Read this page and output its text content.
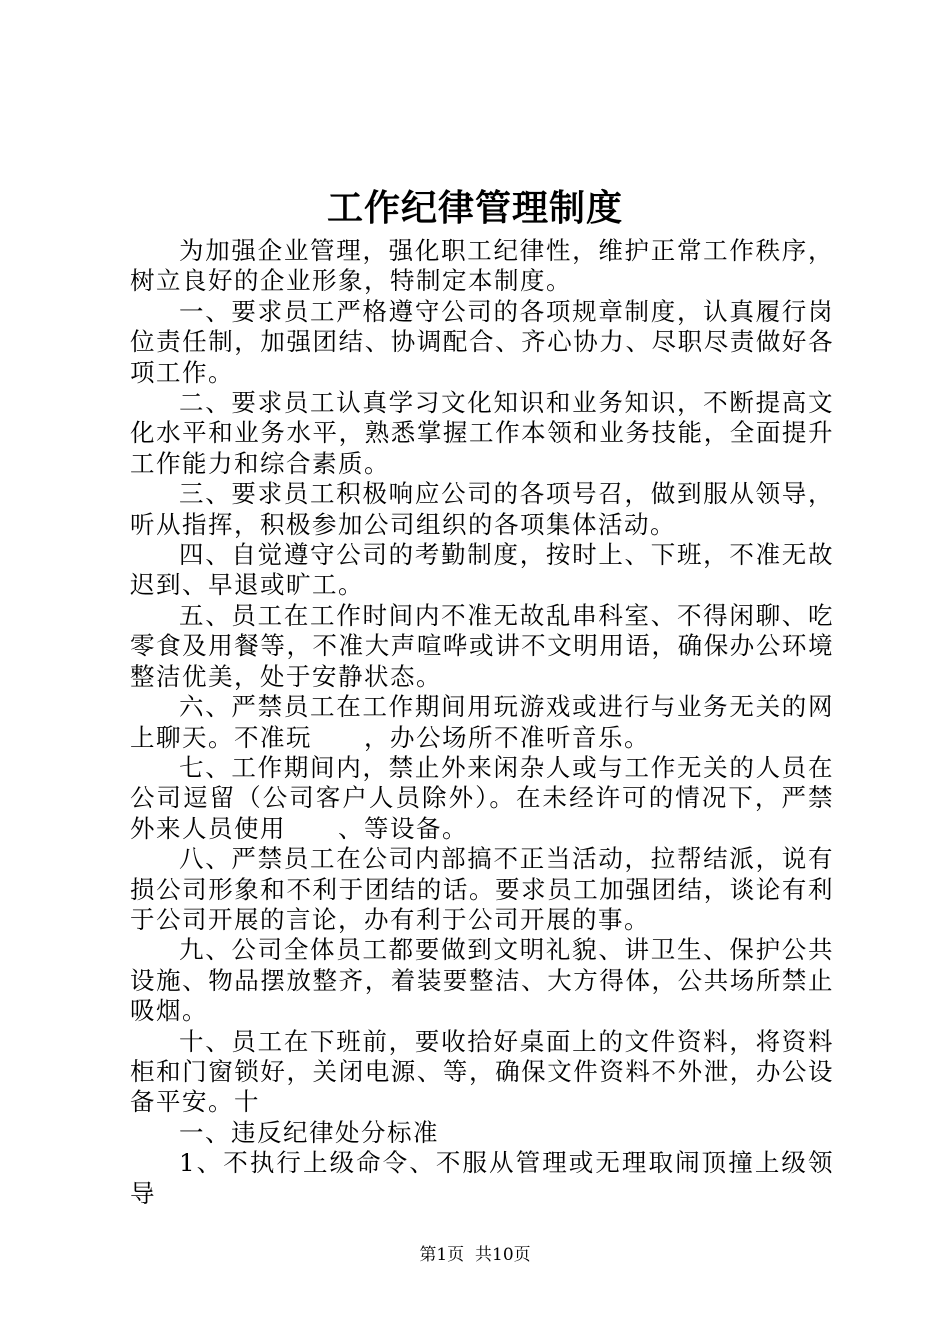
工作纪律管理制度

为加强企业管理，强化职工纪律性，维护正常工作秩序，树立良好的企业形象，特制定本制度。

一、要求员工严格遵守公司的各项规章制度，认真履行岗位责任制，加强团结、协调配合、齐心协力、尽职尽责做好各项工作。

二、要求员工认真学习文化知识和业务知识，不断提高文化水平和业务水平，熟悉掌握工作本领和业务技能，全面提升工作能力和综合素质。

三、要求员工积极响应公司的各项号召，做到服从领导，听从指挥，积极参加公司组织的各项集体活动。

四、自觉遵守公司的考勤制度，按时上、下班，不准无故迟到、早退或旷工。

五、员工在工作时间内不准无故乱串科室、不得闲聊、吃零食及用餐等，不准大声喧哗或讲不文明用语，确保办公环境整洁优美，处于安静状态。

六、严禁员工在工作期间用玩游戏或进行与业务无关的网上聊天。不准玩　　，办公场所不准听音乐。

七、工作期间内，禁止外来闲杂人或与工作无关的人员在公司逗留（公司客户人员除外）。在未经许可的情况下，严禁外来人员使用　　、等设备。

八、严禁员工在公司内部搞不正当活动，拉帮结派，说有损公司形象和不利于团结的话。要求员工加强团结，谈论有利于公司开展的言论，办有利于公司开展的事。

九、公司全体员工都要做到文明礼貌、讲卫生、保护公共设施、物品摆放整齐，着装要整洁、大方得体，公共场所禁止吸烟。

十、员工在下班前，要收拾好桌面上的文件资料，将资料柜和门窗锁好，关闭电源、等，确保文件资料不外泄，办公设备平安。十

一、违反纪律处分标准

1、不执行上级命令、不服从管理或无理取闹顶撞上级领导

第1页 共10页
